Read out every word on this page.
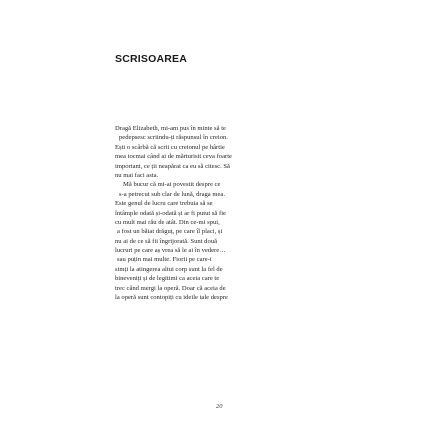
SCRISOAREA
Dragă Elizabeth, mi-am pus în minte să te
pedepsesc scriindu-ți răspunsul în creion.
Ești o scârbă că scrii cu creionul pe hârtie
mea tocmai când ai de mărturisit ceva foarte
important, ce ții neapărat ca eu să citesc. Să
nu mai faci asta.
Mă bucur că mi-ai povestit despre ce
s-a petrecut sub clar de lună, draga mea.
Este genul de lucru care trebuia să se
întâmple odată și-odată și ar fi putut să fie
cu mult mai rău de atât. Din ce-mi spui,
a fost un băiat drăguț, pe care îl placi, și
nu ai de ce să fii îngrijorată. Sunt două
lucruri pe care aș vrea să le ai în vedere…
sau puțin mai multe. Fiorii pe care-i
simți la atingerea altui corp sunt la fel de
bineveniți și de legitimi ca aceia care te
trec când mergi la operă. Doar că aceia de
la operă sunt contopiți cu ideile tale despre
20
